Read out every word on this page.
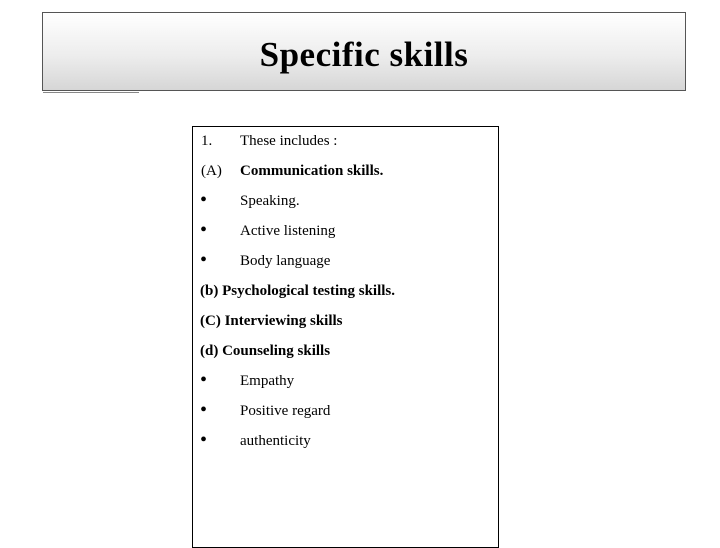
Specific skills
1. These includes :
(A) Communication skills.
• Speaking.
• Active listening
• Body language
(b) Psychological testing skills.
(C) Interviewing skills
(d) Counseling skills
• Empathy
• Positive regard
• authenticity
